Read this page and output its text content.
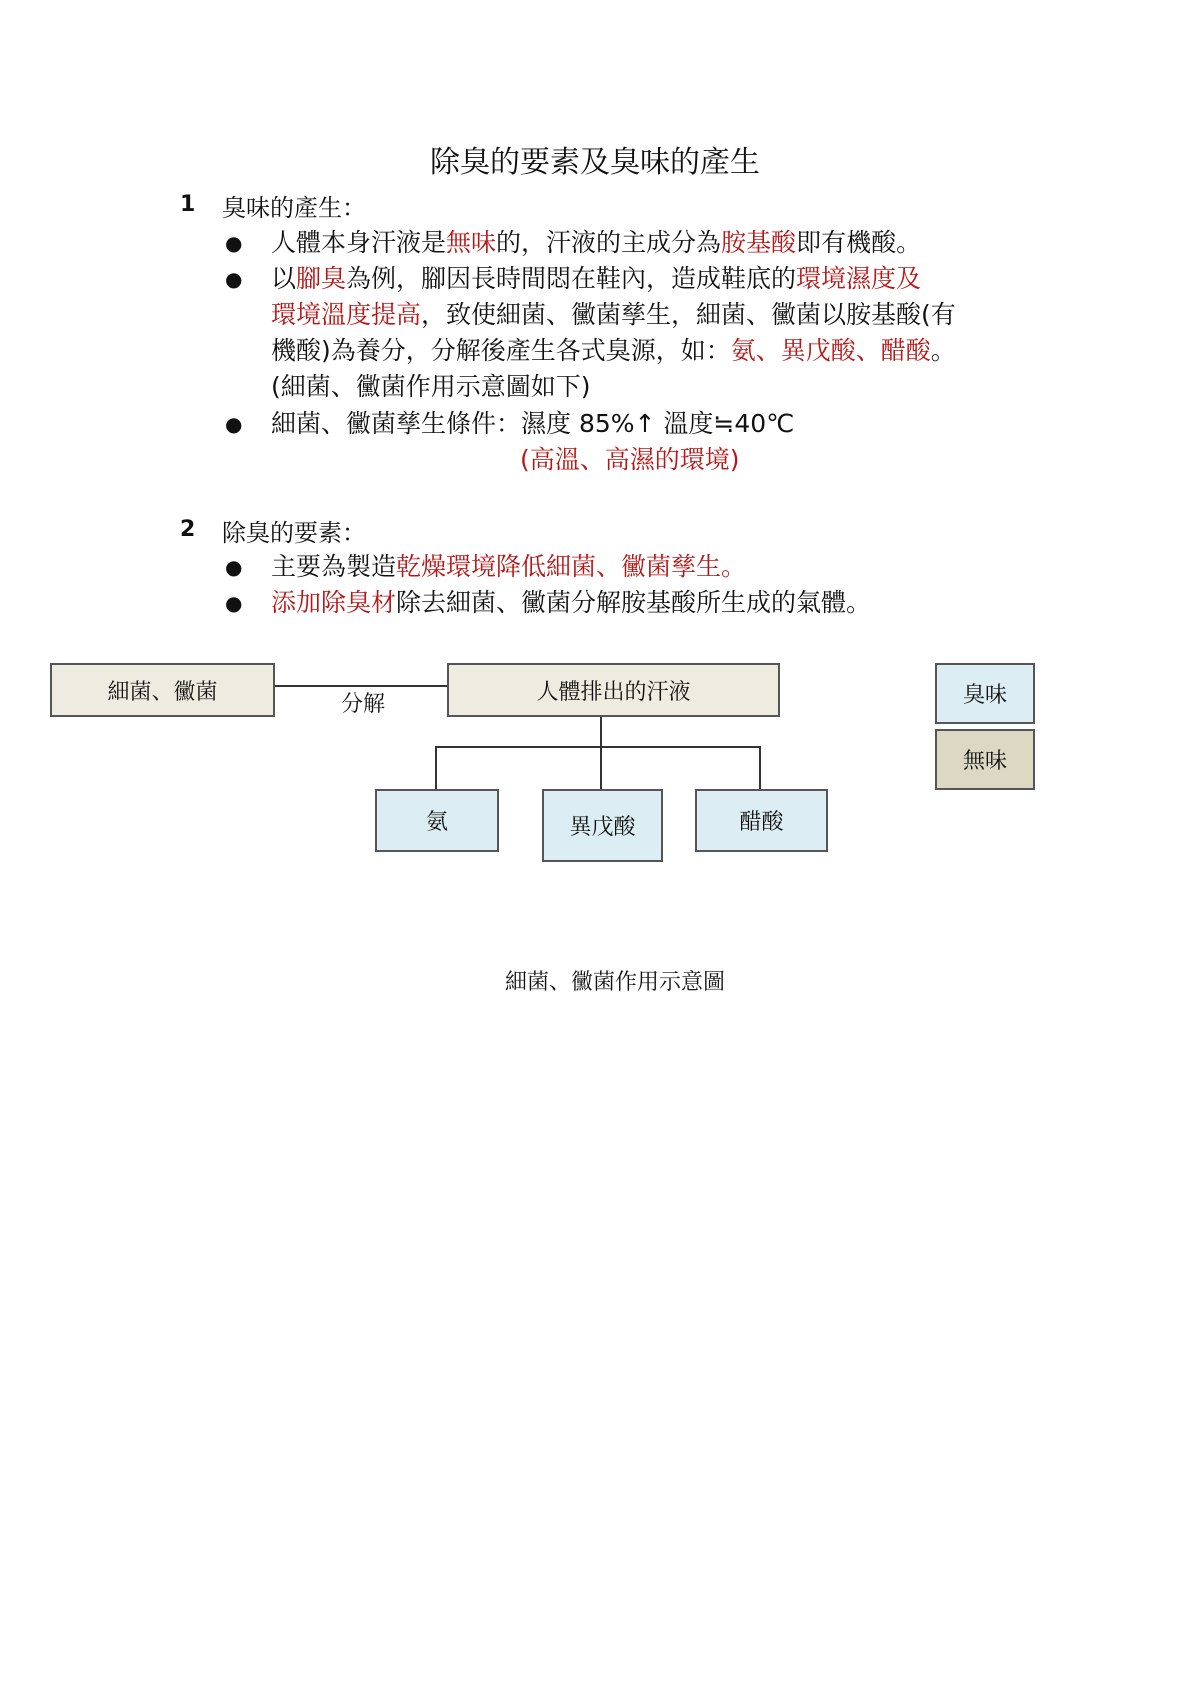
除臭的要素及臭味的產生
1 臭味的產生：
● 人體本身汗液是無味的，汗液的主成分為胺基酸即有機酸。
● 以腳臭為例，腳因長時間悶在鞋內，造成鞋底的環境濕度及
環境溫度提高，致使細菌、黴菌孳生，細菌、黴菌以胺基酸(有
機酸)為養分，分解後產生各式臭源，如：氨、異戊酸、醋酸。
(細菌、黴菌作用示意圖如下)
● 細菌、黴菌孳生條件：濕度 85%↑ 溫度≒40℃
(高溫、高濕的環境)
2 除臭的要素：
● 主要為製造乾燥環境降低細菌、黴菌孳生。
● 添加除臭材除去細菌、黴菌分解胺基酸所生成的氣體。
細菌、黴菌	分解	人體排出的汗液
氨	異戊酸	醋酸
臭味
無味
細菌、黴菌作用示意圖
